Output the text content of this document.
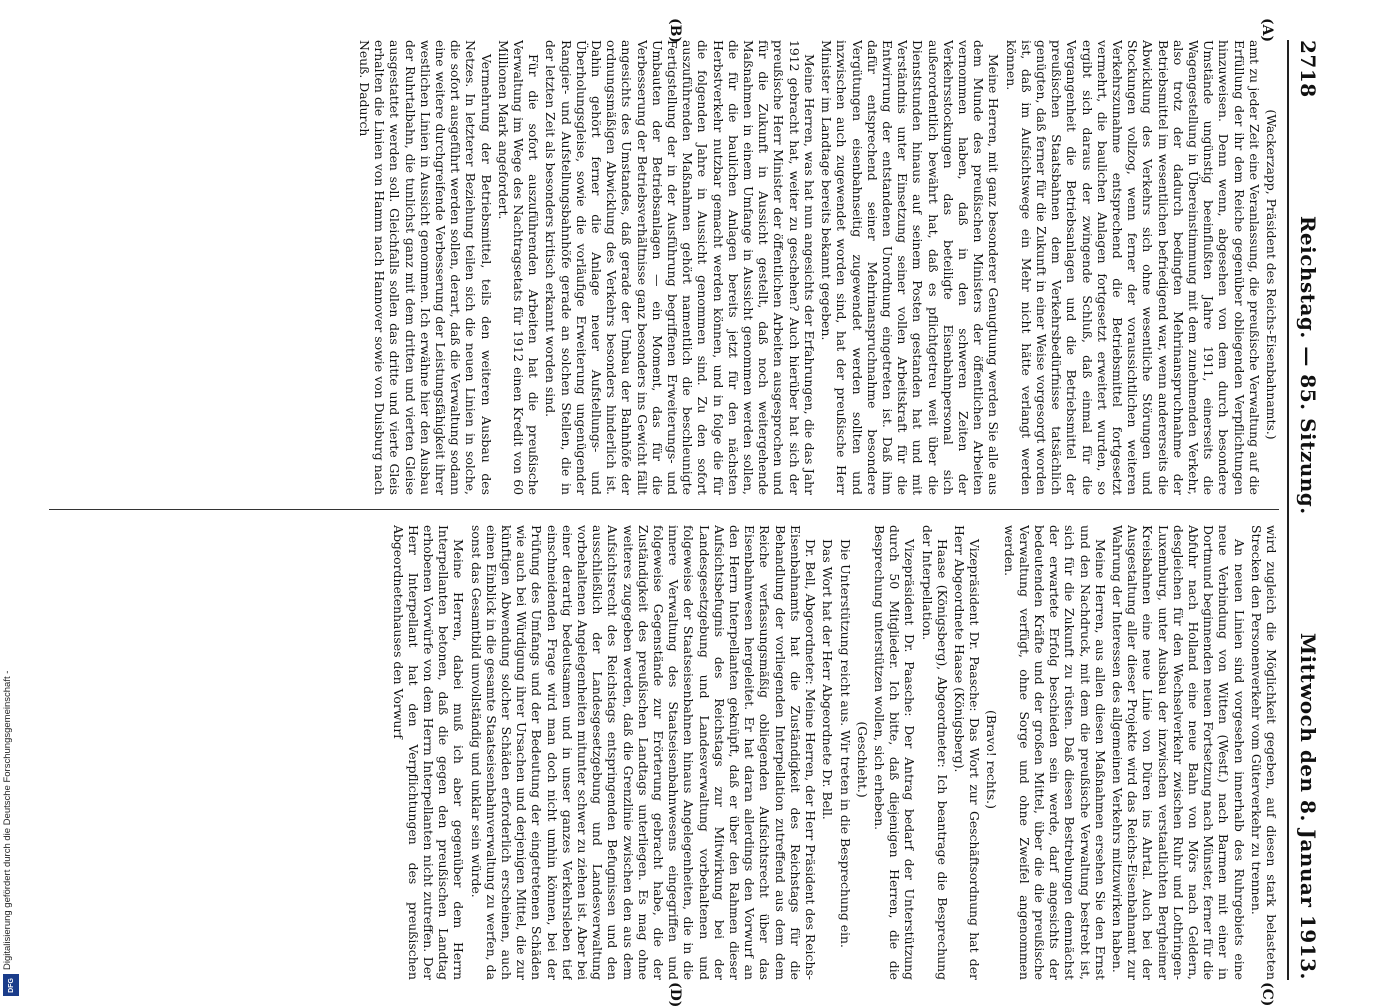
Digitalisierung gefördert durch die Deutsche Forschungsgemeinschaft -
DFG
2718
Reichstag. — 85. Sitzung.
Mittwoch den 8. Januar 1913.
(A)
(B)
(C)
(D)

(Wackerzapp, Präsident des Reichs-Eisenbahnamts.)

amt zu jeder Zeit eine Veranlassung, die preußische Verwaltung auf die Erfüllung der ihr dem Reiche gegenüber obliegenden Verpflichtungen hinzuweisen. Denn wenn, abgesehen von dem durch besondere Umstände ungünstig beeinflußten Jahre 1911, einerseits die Wagengestellung in Übereinstimmung mit dem zunehmenden Verkehr, also trotz der dadurch bedingten Mehrinanspruchnahme der Betriebsmittel im wesentlichen befriedigend war, wenn andererseits die Abwicklung des Verkehrs sich ohne wesentliche Störungen und Stockungen vollzog, wenn ferner der voraussichtlichen weiteren Verkehrszunahme entsprechend die Betriebsmittel fortgesetzt vermehrt, die baulichen Anlagen fortgesetzt erweitert wurden, so ergibt sich daraus der zwingende Schluß, daß einmal für die Vergangenheit die Betriebsanlagen und die Betriebsmittel der preußischen Staatsbahnen dem Verkehrsbedürfnisse tatsächlich genügten, daß ferner für die Zukunft in einer Weise vorgesorgt worden ist, daß im Aufsichtswege ein Mehr nicht hätte verlangt werden können.

Meine Herren, mit ganz besonderer Genugtuung werden Sie alle aus dem Munde des preußischen Ministers der öffentlichen Arbeiten vernommen haben, daß in den schweren Zeiten der Verkehrsstockungen das beteiligte Eisenbahnpersonal sich außerordentlich bewährt hat, daß es pflichtgetreu weit über die Dienststunden hinaus auf seinem Posten gestanden hat und mit Verständnis unter Einsetzung seiner vollen Arbeitskraft für die Entwirrung der entstandenen Unordnung eingetreten ist. Daß ihm dafür entsprechend seiner Mehrinanspruchnahme besondere Vergütungen eisenbahnseitig zugewendet werden sollten und inzwischen auch zugewendet worden sind, hat der preußische Herr Minister im Landtage bereits bekannt gegeben.

Meine Herren, was hat nun angesichts der Erfahrungen, die das Jahr 1912 gebracht hat, weiter zu geschehen? Auch hierüber hat sich der preußische Herr Minister der öffentlichen Arbeiten ausgesprochen und für die Zukunft in Aussicht gestellt, daß noch weitergehende Maßnahmen in einem Umfange in Aussicht genommen werden sollen, die für die baulichen Anlagen bereits jetzt für den nächsten Herbstverkehr nutzbar gemacht werden können, und in folge die für die folgenden Jahre in Aussicht genommen sind. Zu den sofort auszuführenden Maßnahmen gehört namentlich die beschleunigte Fertigstellung der in der Ausführung begriffenen Erweiterungs- und Umbauten der Betriebsanlagen — ein Moment, das für die Verbesserung der Betriebsverhältnisse ganz besonders ins Gewicht fällt angesichts des Umstandes, daß gerade der Umbau der Bahnhöfe der ordnungsmäßigen Abwicklung des Verkehrs besonders hinderlich ist. Dahin gehört ferner die Anlage neuer Aufstellungs- und Überholungsgleise, sowie die vorläufige Erweiterung ungenügender Rangier- und Aufstellungsbahnhöfe gerade an solchen Stellen, die in der letzten Zeit als besonders kritisch erkannt worden sind.

Für die sofort auszuführenden Arbeiten hat die preußische Verwaltung im Wege des Nachtragsetats für 1912 einen Kredit von 60 Millionen Mark angefordert.

Vermehrung der Betriebsmittel, teils den weiteren Ausbau des Netzes. In letzterer Beziehung teilen sich die neuen Linien in solche, die sofort ausgeführt werden sollen, derart, daß die Verwaltung sodann eine weitere durchgreifende Verbesserung der Leistungsfähigkeit ihrer westlichen Linien in Aussicht genommen. Ich erwähne hier den Ausbau der Ruhrtalbahn, die tunlichst ganz mit dem dritten und vierten Gleise ausgestattet werden soll. Gleichfalls sollen das dritte und vierte Gleis erhalten die Linien von Hamm nach Hannover sowie von Duisburg nach Neuß. Dadurch

wird zugleich die Möglichkeit gegeben, auf diesen stark belasteten Strecken den Personenverkehr vom Güterverkehr zu trennen.

An neuen Linien sind vorgesehen innerhalb des Ruhrgebiets eine neue Verbindung von Witten (Westf.) nach Barmen mit einer in Dortmund beginnenden neuen Fortsetzung nach Münster, ferner für die Abfuhr nach Holland eine neue Bahn von Mörs nach Geldern, desgleichen für den Wechselverkehr zwischen Ruhr und Lothringen-Luxemburg, unter Ausbau der inzwischen verstaatlichten Bergheimer Kreisbahnen eine neue Linie von Düren ins Ahrtal. Auch bei der Ausgestaltung aller dieser Projekte wird das Reichs-Eisenbahnamt zur Wahrung der Interessen des allgemeinen Verkehrs mitzuwirken haben.

Meine Herren, aus allen diesen Maßnahmen ersehen Sie den Ernst und den Nachdruck, mit dem die preußische Verwaltung bestrebt ist, sich für die Zukunft zu rüsten. Daß diesen Bestrebungen demnächst der erwartete Erfolg beschieden sein werde, darf angesichts der bedeutenden Kräfte und der großen Mittel, über die die preußische Verwaltung verfügt, ohne Sorge und ohne Zweifel angenommen werden.

(Bravo! rechts.)

Vizepräsident Dr. Paasche: Das Wort zur Geschäftsordnung hat der Herr Abgeordnete Haase (Königsberg).

Haase (Königsberg), Abgeordneter: Ich beantrage die Besprechung der Interpellation.

Vizepräsident Dr. Paasche: Der Antrag bedarf der Unterstützung durch 50 Mitglieder. Ich bitte, daß diejenigen Herren, die die Besprechung unterstützen wollen, sich erheben.

(Geschieht.)

Die Unterstützung reicht aus. Wir treten in die Besprechung ein.

Das Wort hat der Herr Abgeordnete Dr. Bell.

Dr. Bell, Abgeordneter: Meine Herren, der Herr Präsident des Reichs-Eisenbahnamts hat die Zuständigkeit des Reichstags für die Behandlung der vorliegenden Interpellation zutreffend aus dem dem Reiche verfassungsmäßig obliegenden Aufsichtsrecht über das Eisenbahnwesen hergeleitet. Er hat daran allerdings den Vorwurf an den Herrn Interpellanten geknüpft, daß er über den Rahmen dieser Aufsichtsbefugnis des Reichstags zur Mitwirkung bei der Landesgesetzgebung und Landesverwaltung vorbehaltenen und folgeweise der Staatseisenbahnen hinaus Angelegenheiten, die in die innere Verwaltung des Staatseisenbahnwesens eingegriffen und folgeweise Gegenstände zur Erörterung gebracht habe, die der Zuständigkeit des preußischen Landtags unterliegen. Es mag ohne weiteres zugegeben werden, daß die Grenzlinie zwischen den aus dem Aufsichtsrecht des Reichstags entspringenden Befugnissen und den ausschließlich der Landesgesetzgebung und Landesverwaltung vorbehaltenen Angelegenheiten mitunter schwer zu ziehen ist. Aber bei einer derartig bedeutsamen und in unser ganzes Verkehrsleben tief einschneidenden Frage wird man doch nicht umhin können, bei der Prüfung des Umfangs und der Bedeutung der eingetretenen Schäden wie auch bei Würdigung ihrer Ursachen und derjenigen Mittel, die zur künftigen Abwendung solcher Schäden erforderlich erscheinen, auch einen Einblick in die gesamte Staatseisenbahnverwaltung zu werfen, da sonst das Gesamtbild unvollständig und unklar sein würde.

Meine Herren, dabei muß ich aber gegenüber dem Herrn Interpellanten betonen, daß die gegen den preußischen Landtag erhobenen Vorwürfe von dem Herrn Interpellanten nicht zutreffen. Der Herr Interpellant hat den Verpflichtungen des preußischen Abgeordnetenhauses den Vorwurf
